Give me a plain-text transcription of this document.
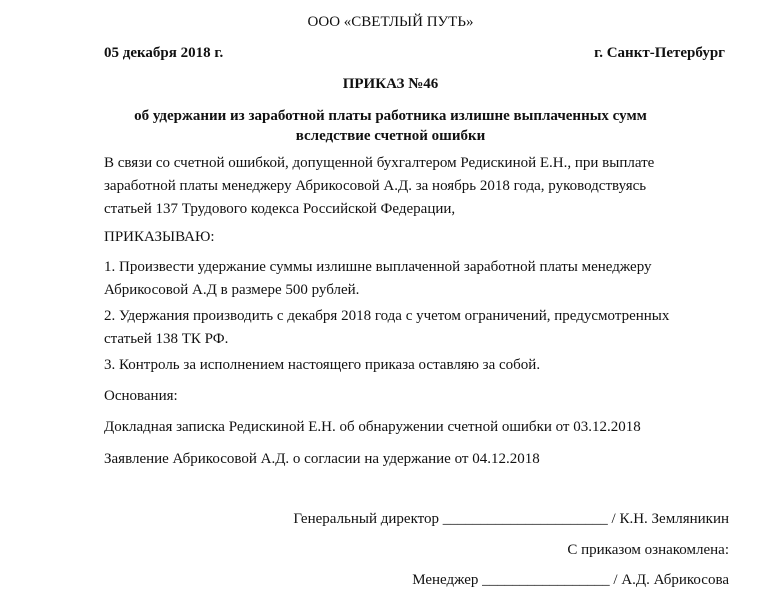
ООО «СВЕТЛЫЙ ПУТЬ»
05 декабря 2018 г.	г. Санкт-Петербург
ПРИКАЗ №46
об удержании из заработной платы работника излишне выплаченных сумм
вследствие счетной ошибки
В связи со счетной ошибкой, допущенной бухгалтером Редискиной Е.Н., при выплате
заработной платы менеджеру Абрикосовой А.Д. за ноябрь 2018 года, руководствуясь
статьей 137 Трудового кодекса Российской Федерации,
ПРИКАЗЫВАЮ:
1. Произвести удержание суммы излишне выплаченной заработной платы менеджеру
Абрикосовой А.Д в размере 500 рублей.
2. Удержания производить с декабря 2018 года с учетом ограничений, предусмотренных
статьей 138 ТК РФ.
3. Контроль за исполнением настоящего приказа оставляю за собой.
Основания:
Докладная записка Редискиной Е.Н. об обнаружении счетной ошибки от 03.12.2018
Заявление Абрикосовой А.Д. о согласии на удержание от 04.12.2018
Генеральный директор ______________________ / К.Н. Земляникин
С приказом ознакомлена:
Менеджер _________________ / А.Д. Абрикосова
